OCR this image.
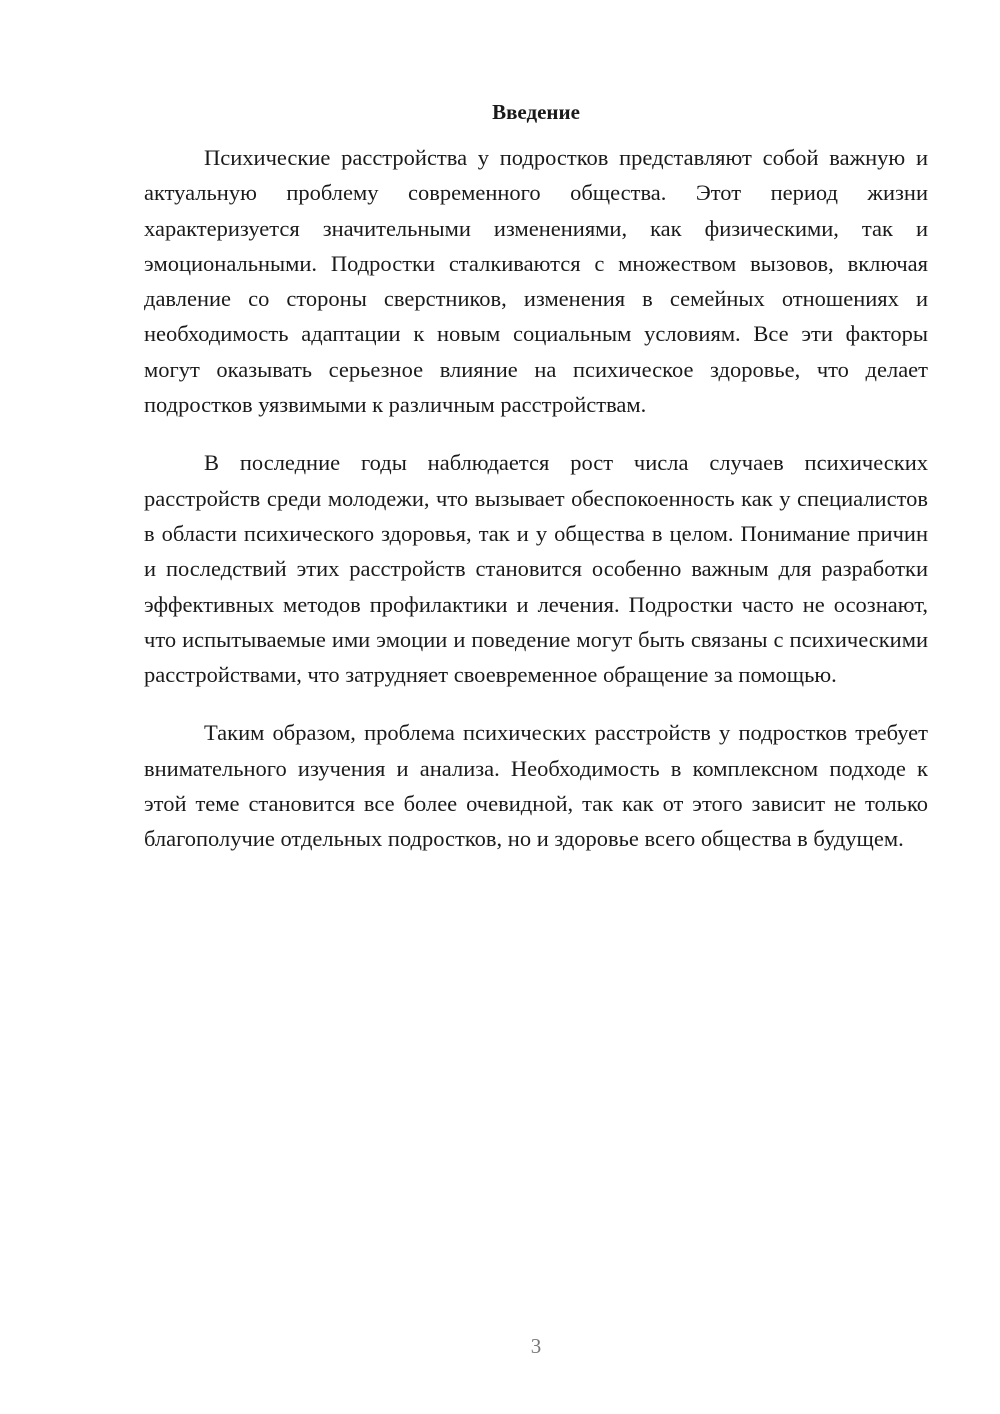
Введение

Психические расстройства у подростков представляют собой важную и актуальную проблему современного общества. Этот период жизни характеризуется значительными изменениями, как физическими, так и эмоциональными. Подростки сталкиваются с множеством вызовов, включая давление со стороны сверстников, изменения в семейных отношениях и необходимость адаптации к новым социальным условиям. Все эти факторы могут оказывать серьезное влияние на психическое здоровье, что делает подростков уязвимыми к различным расстройствам.

В последние годы наблюдается рост числа случаев психических расстройств среди молодежи, что вызывает обеспокоенность как у специалистов в области психического здоровья, так и у общества в целом. Понимание причин и последствий этих расстройств становится особенно важным для разработки эффективных методов профилактики и лечения. Подростки часто не осознают, что испытываемые ими эмоции и поведение могут быть связаны с психическими расстройствами, что затрудняет своевременное обращение за помощью.

Таким образом, проблема психических расстройств у подростков требует внимательного изучения и анализа. Необходимость в комплексном подходе к этой теме становится все более очевидной, так как от этого зависит не только благополучие отдельных подростков, но и здоровье всего общества в будущем.

3
